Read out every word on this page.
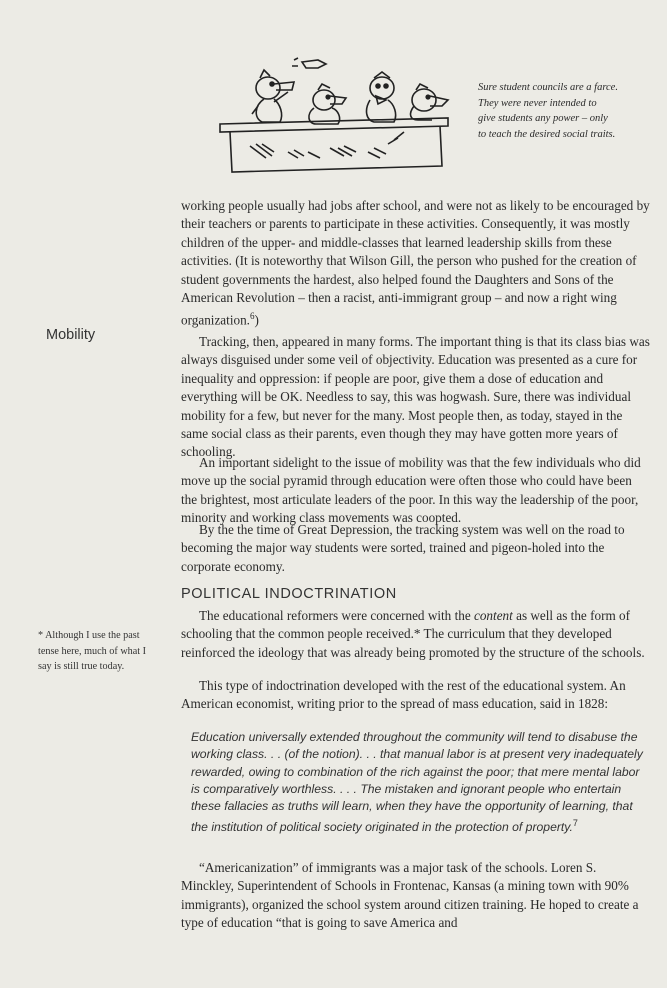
Sure student councils are a farce.
They were never intended to
give students any power – only
to teach the desired social traits.

working people usually had jobs after school, and were not as likely to be encouraged by their teachers or parents to participate in these activities. Consequently, it was mostly children of the upper- and middle-classes that learned leadership skills from these activities. (It is noteworthy that Wilson Gill, the person who pushed for the creation of student governments the hardest, also helped found the Daughters and Sons of the American Revolution – then a racist, anti-immigrant group – and now a right wing organization.$^6$)

Mobility	Tracking, then, appeared in many forms. The important thing is that its class bias was always disguised under some veil of objectivity. Education was presented as a cure for inequality and oppression: if people are poor, give them a dose of education and everything will be OK. Needless to say, this was hogwash. Sure, there was individual mobility for a few, but never for the many. Most people then, as today, stayed in the same social class as their parents, even though they may have gotten more years of schooling.

An important sidelight to the issue of mobility was that the few individuals who did move up the social pyramid through education were often those who could have been the brightest, most articulate leaders of the poor. In this way the leadership of the poor, minority and working class movements was coopted.

By the the time of Great Depression, the tracking system was well on the road to becoming the major way students were sorted, trained and pigeon-holed into the corporate economy.

POLITICAL INDOCTRINATION

The educational reformers were concerned with the content as well as the form of schooling that the common people received.* The curriculum that they developed reinforced the ideology that was already being promoted by the structure of the schools.

* Although I use the past
tense here, much of what I
say is still true today.

This type of indoctrination developed with the rest of the educational system. An American economist, writing prior to the spread of mass education, said in 1828:

Education universally extended throughout the community will tend to disabuse the working class. . . (of the notion). . . that manual labor is at present very inadequately rewarded, owing to combination of the rich against the poor; that mere mental labor is comparatively worthless. . . . The mistaken and ignorant people who entertain these fallacies as truths will learn, when they have the opportunity of learning, that the institution of political society originated in the protection of property.$^7$

“Americanization” of immigrants was a major task of the schools. Loren S. Minckley, Superintendent of Schools in Frontenac, Kansas (a mining town with 90% immigrants), organized the school system around citizen training. He hoped to create a type of education “that is going to save America and
